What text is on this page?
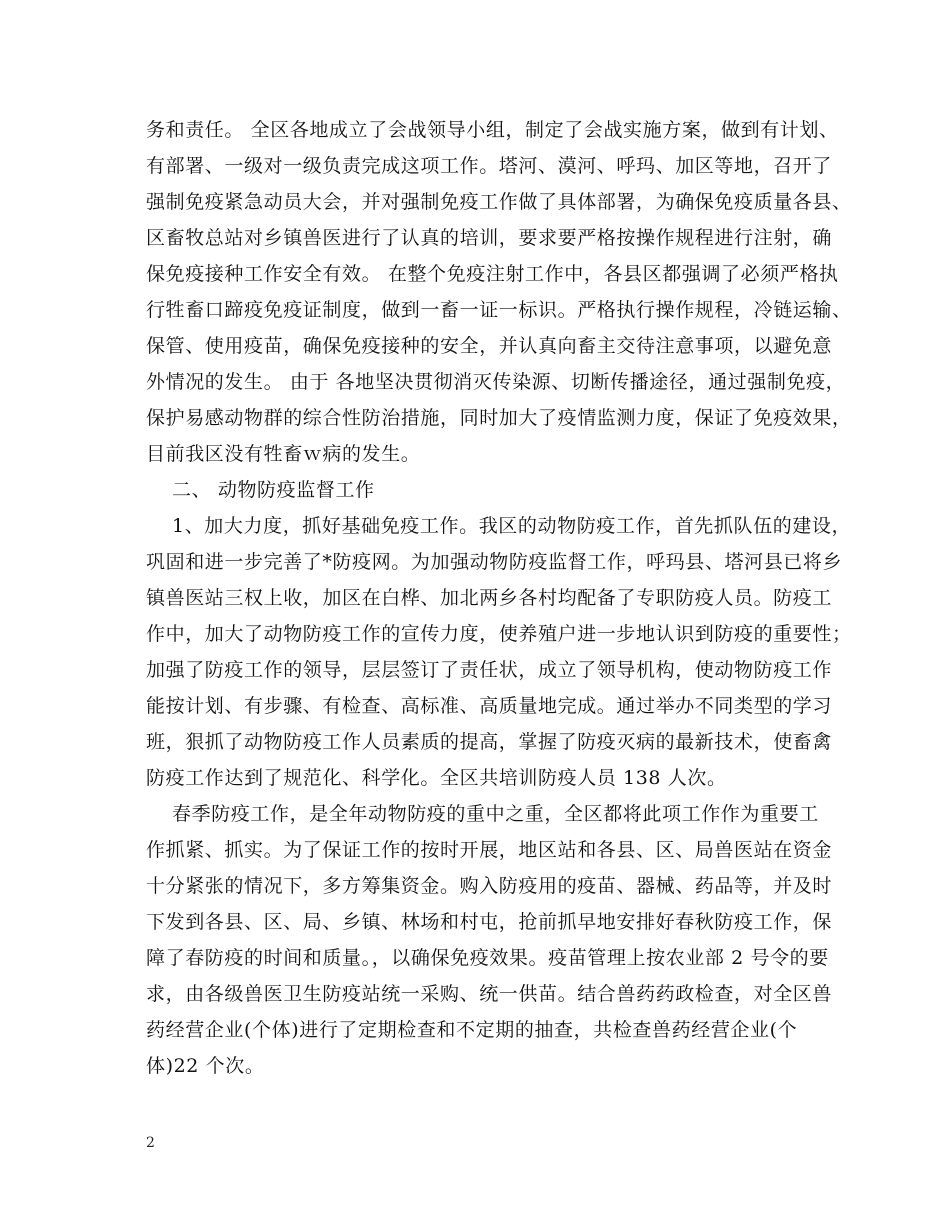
务和责任。 全区各地成立了会战领导小组，制定了会战实施方案，做到有计划、
有部署、一级对一级负责完成这项工作。塔河、漠河、呼玛、加区等地，召开了
强制免疫紧急动员大会，并对强制免疫工作做了具体部署，为确保免疫质量各县、
区畜牧总站对乡镇兽医进行了认真的培训，要求要严格按操作规程进行注射，确
保免疫接种工作安全有效。 在整个免疫注射工作中，各县区都强调了必须严格执
行牲畜口蹄疫免疫证制度，做到一畜一证一标识。严格执行操作规程，冷链运输、
保管、使用疫苗，确保免疫接种的安全，并认真向畜主交待注意事项，以避免意
外情况的发生。 由于 各地坚决贯彻消灭传染源、切断传播途径，通过强制免疫，
保护易感动物群的综合性防治措施，同时加大了疫情监测力度，保证了免疫效果，
目前我区没有牲畜ｗ病的发生。
二、 动物防疫监督工作
1、加大力度，抓好基础免疫工作。我区的动物防疫工作，首先抓队伍的建设，
巩固和进一步完善了*防疫网。为加强动物防疫监督工作，呼玛县、塔河县已将乡
镇兽医站三权上收，加区在白桦、加北两乡各村均配备了专职防疫人员。防疫工
作中，加大了动物防疫工作的宣传力度，使养殖户进一步地认识到防疫的重要性；
加强了防疫工作的领导，层层签订了责任状，成立了领导机构，使动物防疫工作
能按计划、有步骤、有检查、高标准、高质量地完成。通过举办不同类型的学习
班，狠抓了动物防疫工作人员素质的提高，掌握了防疫灭病的最新技术，使畜禽
防疫工作达到了规范化、科学化。全区共培训防疫人员 138 人次。
春季防疫工作，是全年动物防疫的重中之重，全区都将此项工作作为重要工
作抓紧、抓实。为了保证工作的按时开展，地区站和各县、区、局兽医站在资金
十分紧张的情况下，多方筹集资金。购入防疫用的疫苗、器械、药品等，并及时
下发到各县、区、局、乡镇、林场和村屯，抢前抓早地安排好春秋防疫工作，保
障了春防疫的时间和质量。，以确保免疫效果。疫苗管理上按农业部 2 号令的要
求，由各级兽医卫生防疫站统一采购、统一供苗。结合兽药药政检查，对全区兽
药经营企业(个体)进行了定期检查和不定期的抽查，共检查兽药经营企业(个
体)22 个次。
2
